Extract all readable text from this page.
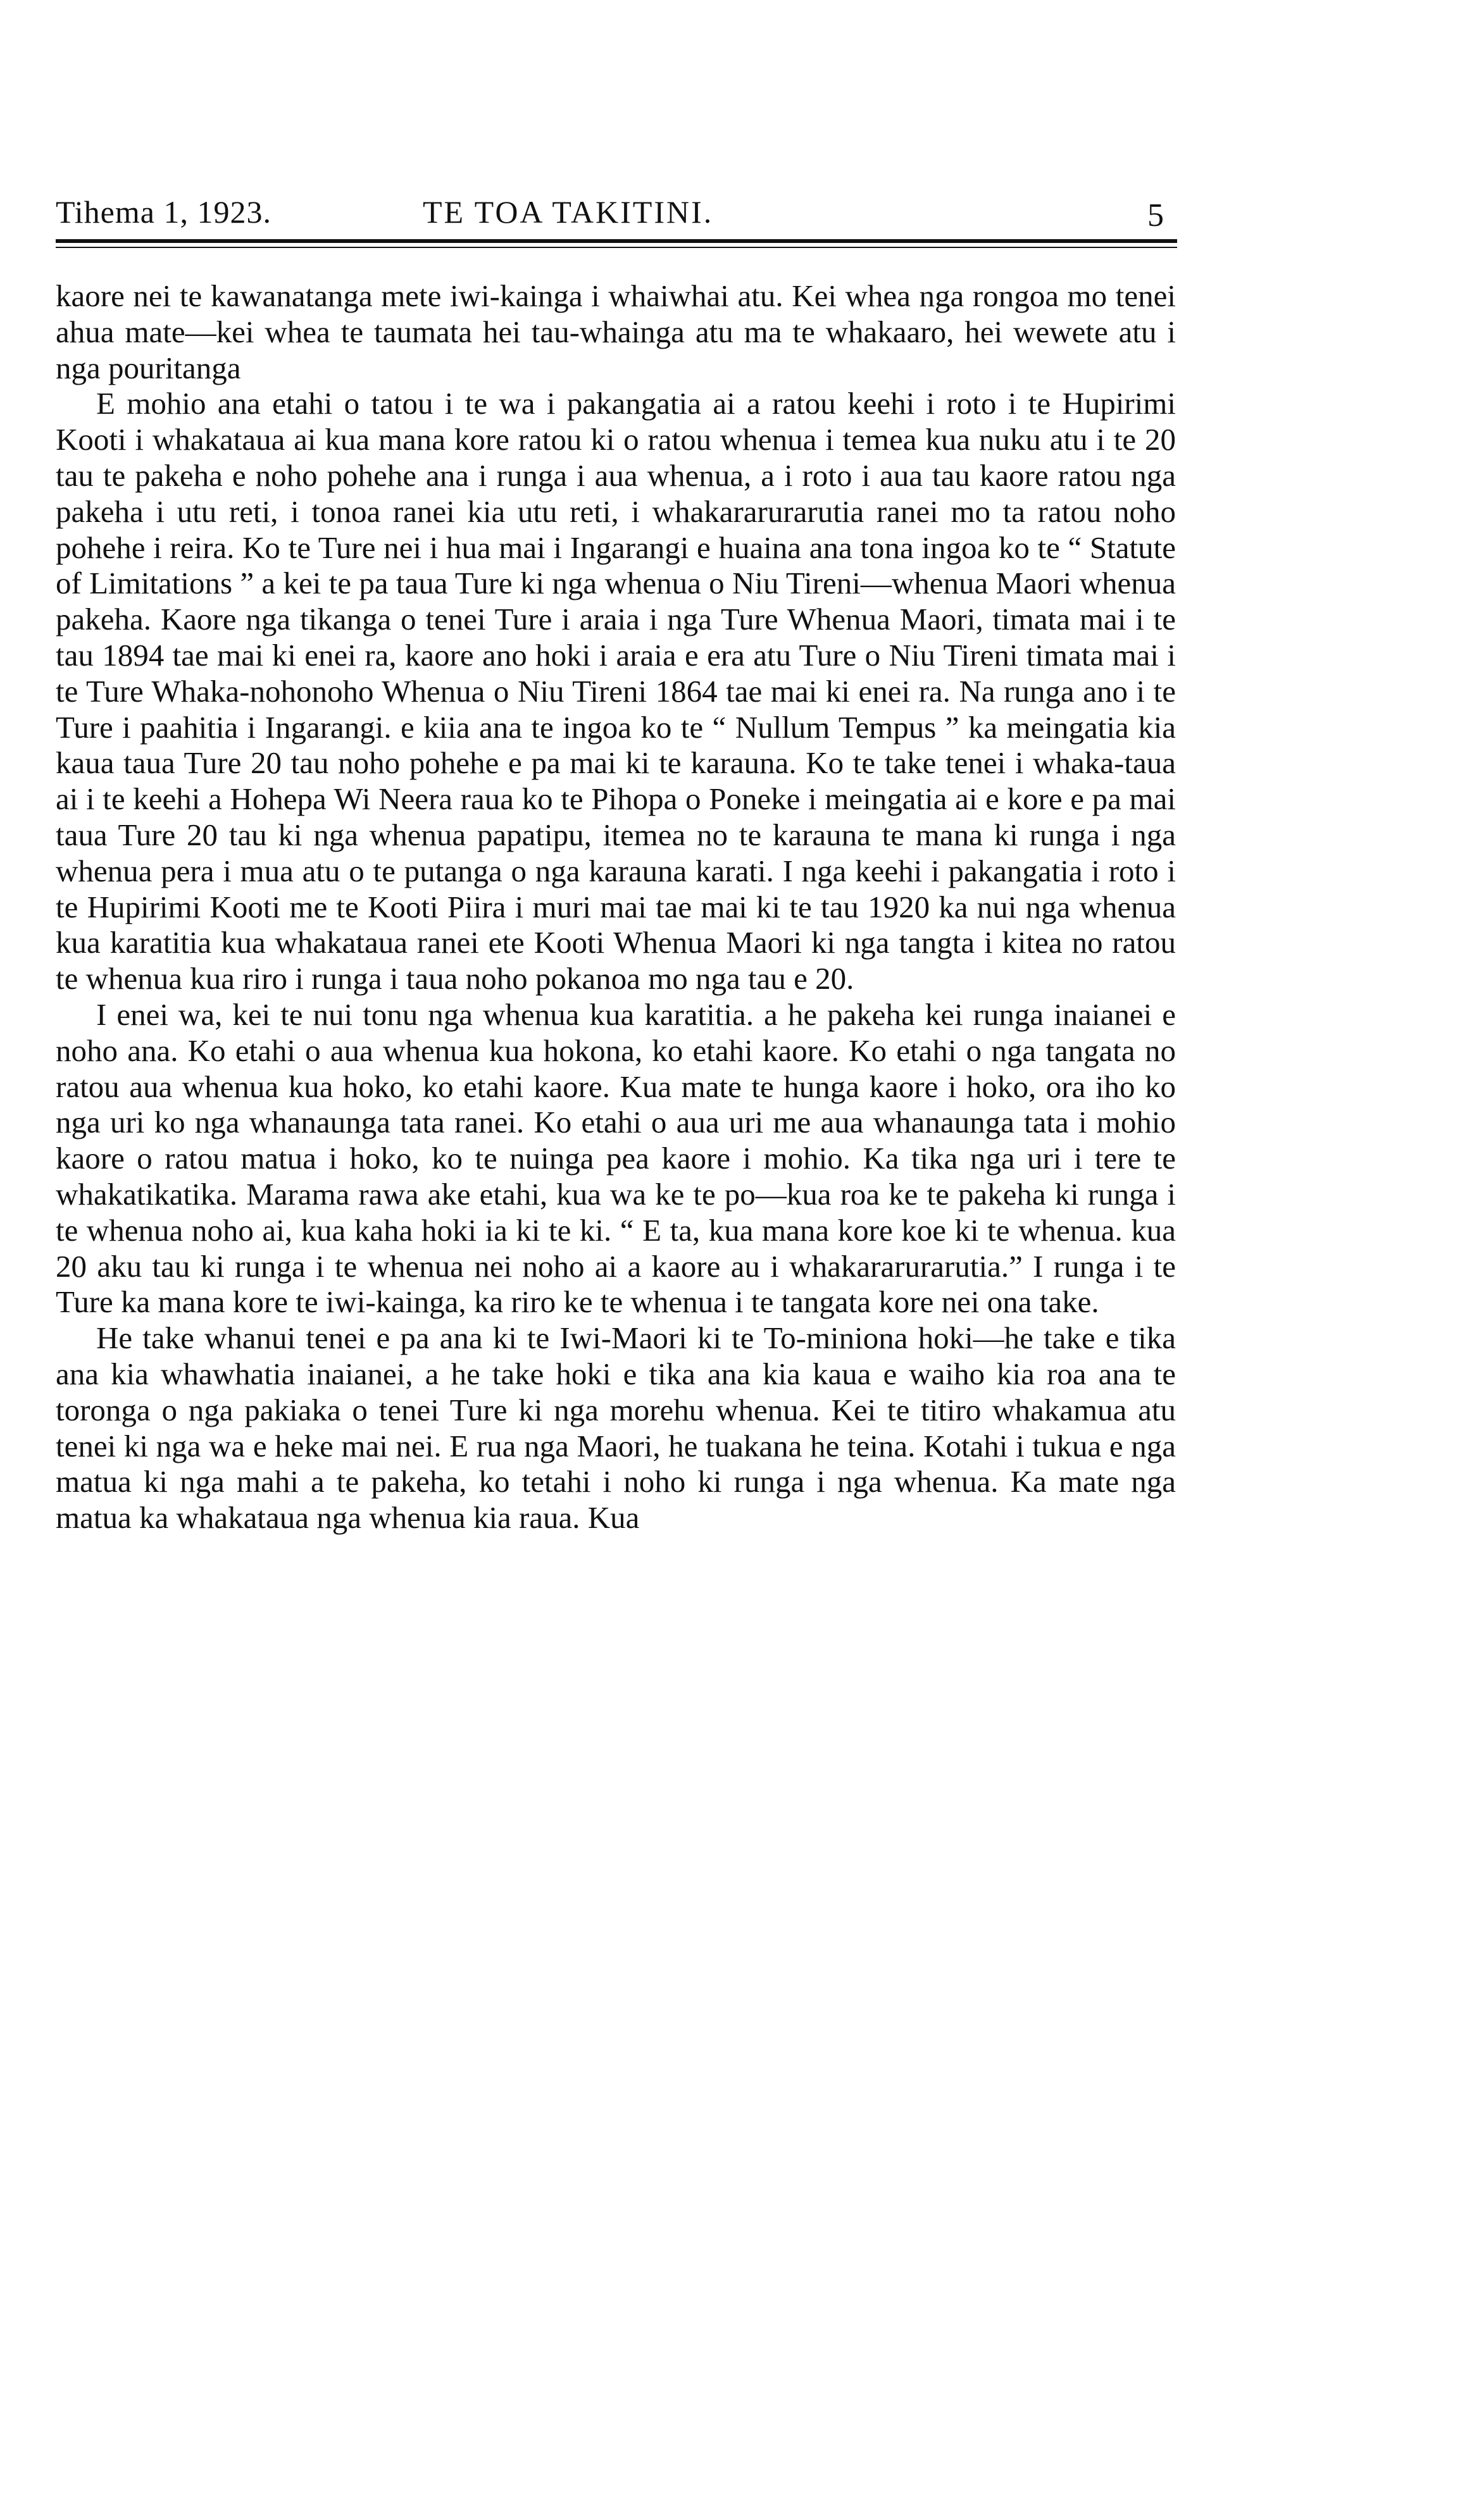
Tihema 1, 1923.	TE TOA TAKITINI.	5

kaore nei te kawanatanga mete iwi-kainga i whaiwhai atu. Kei whea nga rongoa mo tenei ahua mate—kei whea te taumata hei tau-whainga atu ma te whakaaro, hei wewete atu i nga pouritanga

E mohio ana etahi o tatou i te wa i pakangatia ai a ratou keehi i roto i te Hupirimi Kooti i whakataua ai kua mana kore ratou ki o ratou whenua i temea kua nuku atu i te 20 tau te pakeha e noho pohehe ana i runga i aua whenua, a i roto i aua tau kaore ratou nga pakeha i utu reti, i tonoa ranei kia utu reti, i whakararurarutia ranei mo ta ratou noho pohehe i reira. Ko te Ture nei i hua mai i Ingarangi e huaina ana tona ingoa ko te “ Statute of Limitations ” a kei te pa taua Ture ki nga whenua o Niu Tireni—whenua Maori whenua pakeha. Kaore nga tikanga o tenei Ture i araia i nga Ture Whenua Maori, timata mai i te tau 1894 tae mai ki enei ra, kaore ano hoki i araia e era atu Ture o Niu Tireni timata mai i te Ture Whaka-nohonoho Whenua o Niu Tireni 1864 tae mai ki enei ra. Na runga ano i te Ture i paahitia i Ingarangi. e kiia ana te ingoa ko te “ Nullum Tempus ” ka meingatia kia kaua taua Ture 20 tau noho pohehe e pa mai ki te karauna. Ko te take tenei i whaka-taua ai i te keehi a Hohepa Wi Neera raua ko te Pihopa o Poneke i meingatia ai e kore e pa mai taua Ture 20 tau ki nga whenua papatipu, itemea no te karauna te mana ki runga i nga whenua pera i mua atu o te putanga o nga karauna karati. I nga keehi i pakangatia i roto i te Hupirimi Kooti me te Kooti Piira i muri mai tae mai ki te tau 1920 ka nui nga whenua kua karatitia kua whakataua ranei ete Kooti Whenua Maori ki nga tangta i kitea no ratou te whenua kua riro i runga i taua noho pokanoa mo nga tau e 20.

I enei wa, kei te nui tonu nga whenua kua karatitia. a he pakeha kei runga inaianei e noho ana. Ko etahi o aua whenua kua hokona, ko etahi kaore. Ko etahi o nga tangata no ratou aua whenua kua hoko, ko etahi kaore. Kua mate te hunga kaore i hoko, ora iho ko nga uri ko nga whanaunga tata ranei. Ko etahi o aua uri me aua whanaunga tata i mohio kaore o ratou matua i hoko, ko te nuinga pea kaore i mohio. Ka tika nga uri i tere te whakatikatika. Marama rawa ake etahi, kua wa ke te po—kua roa ke te pakeha ki runga i te whenua noho ai, kua kaha hoki ia ki te ki. “ E ta, kua mana kore koe ki te whenua. kua 20 aku tau ki runga i te whenua nei noho ai a kaore au i whakararurarutia.” I runga i te Ture ka mana kore te iwi-kainga, ka riro ke te whenua i te tangata kore nei ona take.

He take whanui tenei e pa ana ki te Iwi-Maori ki te To-miniona hoki—he take e tika ana kia whawhatia inaianei, a he take hoki e tika ana kia kaua e waiho kia roa ana te toronga o nga pakiaka o tenei Ture ki nga morehu whenua. Kei te titiro whakamua atu tenei ki nga wa e heke mai nei. E rua nga Maori, he tuakana he teina. Kotahi i tukua e nga matua ki nga mahi a te pakeha, ko tetahi i noho ki runga i nga whenua. Ka mate nga matua ka whakataua nga whenua kia raua. Kua
